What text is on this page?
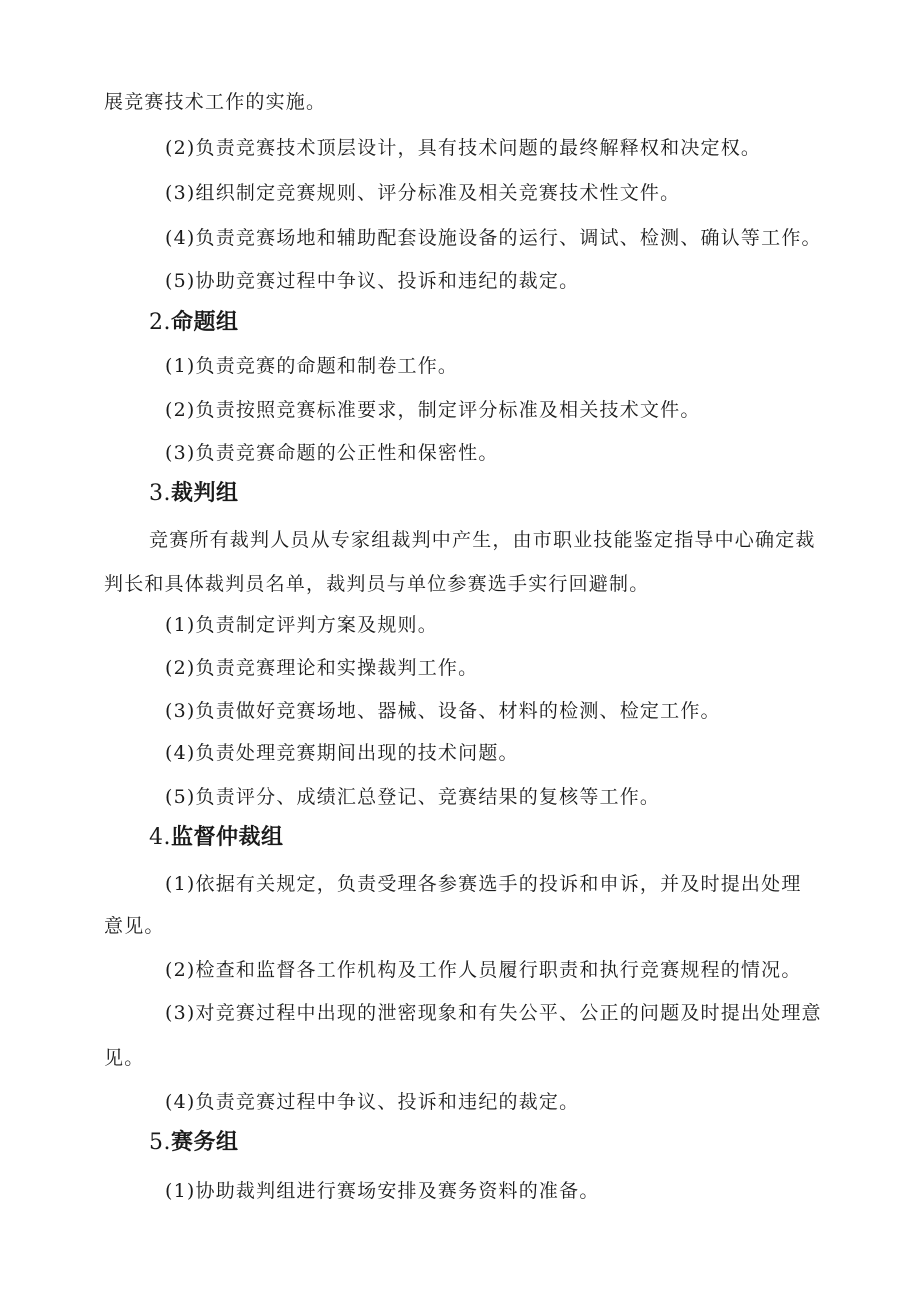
展竞赛技术工作的实施。
(2)负责竞赛技术顶层设计，具有技术问题的最终解释权和决定权。
(3)组织制定竞赛规则、评分标准及相关竞赛技术性文件。
(4)负责竞赛场地和辅助配套设施设备的运行、调试、检测、确认等工作。
(5)协助竞赛过程中争议、投诉和违纪的裁定。
2.命题组
(1)负责竞赛的命题和制卷工作。
(2)负责按照竞赛标准要求，制定评分标准及相关技术文件。
(3)负责竞赛命题的公正性和保密性。
3.裁判组
竞赛所有裁判人员从专家组裁判中产生，由市职业技能鉴定指导中心确定裁
判长和具体裁判员名单，裁判员与单位参赛选手实行回避制。
(1)负责制定评判方案及规则。
(2)负责竞赛理论和实操裁判工作。
(3)负责做好竞赛场地、器械、设备、材料的检测、检定工作。
(4)负责处理竞赛期间出现的技术问题。
(5)负责评分、成绩汇总登记、竞赛结果的复核等工作。
4.监督仲裁组
(1)依据有关规定，负责受理各参赛选手的投诉和申诉，并及时提出处理
意见。
(2)检查和监督各工作机构及工作人员履行职责和执行竞赛规程的情况。
(3)对竞赛过程中出现的泄密现象和有失公平、公正的问题及时提出处理意
见。
(4)负责竞赛过程中争议、投诉和违纪的裁定。
5.赛务组
(1)协助裁判组进行赛场安排及赛务资料的准备。
